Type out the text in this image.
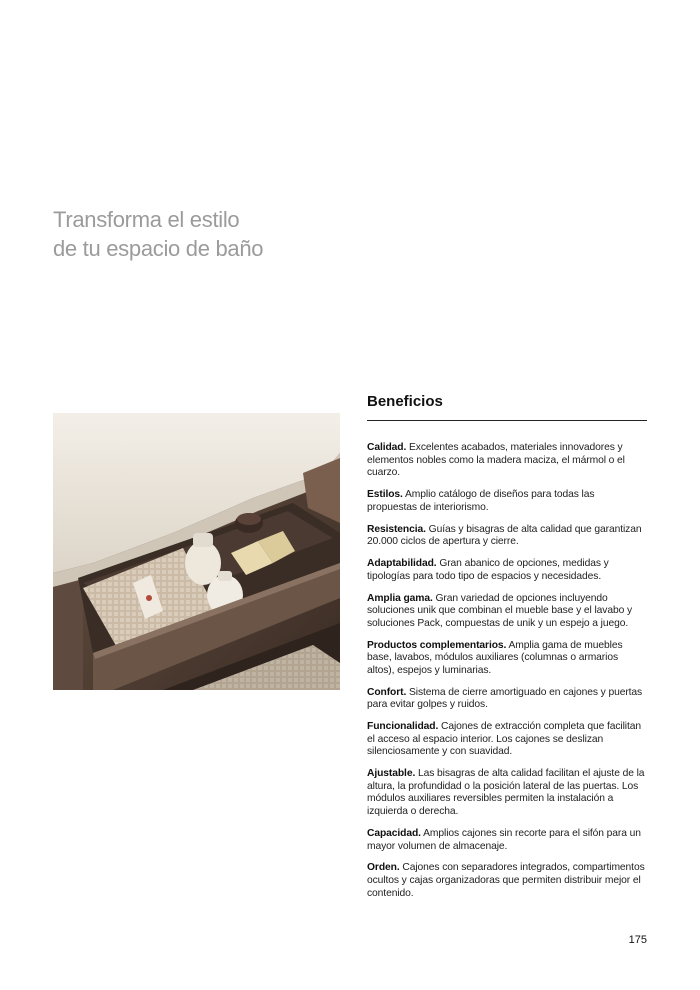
Transforma el estilo
de tu espacio de baño
Beneficios

Calidad. Excelentes acabados, materiales innovadores y elementos nobles como la madera maciza, el mármol o el cuarzo.

Estilos. Amplio catálogo de diseños para todas las propuestas de interiorismo.

Resistencia. Guías y bisagras de alta calidad que garantizan 20.000 ciclos de apertura y cierre.

Adaptabilidad. Gran abanico de opciones, medidas y tipologías para todo tipo de espacios y necesidades.

Amplia gama. Gran variedad de opciones incluyendo soluciones unik que combinan el mueble base y el lavabo y soluciones Pack, compuestas de unik y un espejo a juego.

Productos complementarios. Amplia gama de muebles base, lavabos, módulos auxiliares (columnas o armarios altos), espejos y luminarias.

Confort. Sistema de cierre amortiguado en cajones y puertas para evitar golpes y ruidos.

Funcionalidad. Cajones de extracción completa que facilitan el acceso al espacio interior. Los cajones se deslizan silenciosamente y con suavidad.

Ajustable. Las bisagras de alta calidad facilitan el ajuste de la altura, la profundidad o la posición lateral de las puertas. Los módulos auxiliares reversibles permiten la instalación a izquierda o derecha.

Capacidad. Amplios cajones sin recorte para el sifón para un mayor volumen de almacenaje.

Orden. Cajones con separadores integrados, compartimentos ocultos y cajas organizadoras que permiten distribuir mejor el contenido.

175
